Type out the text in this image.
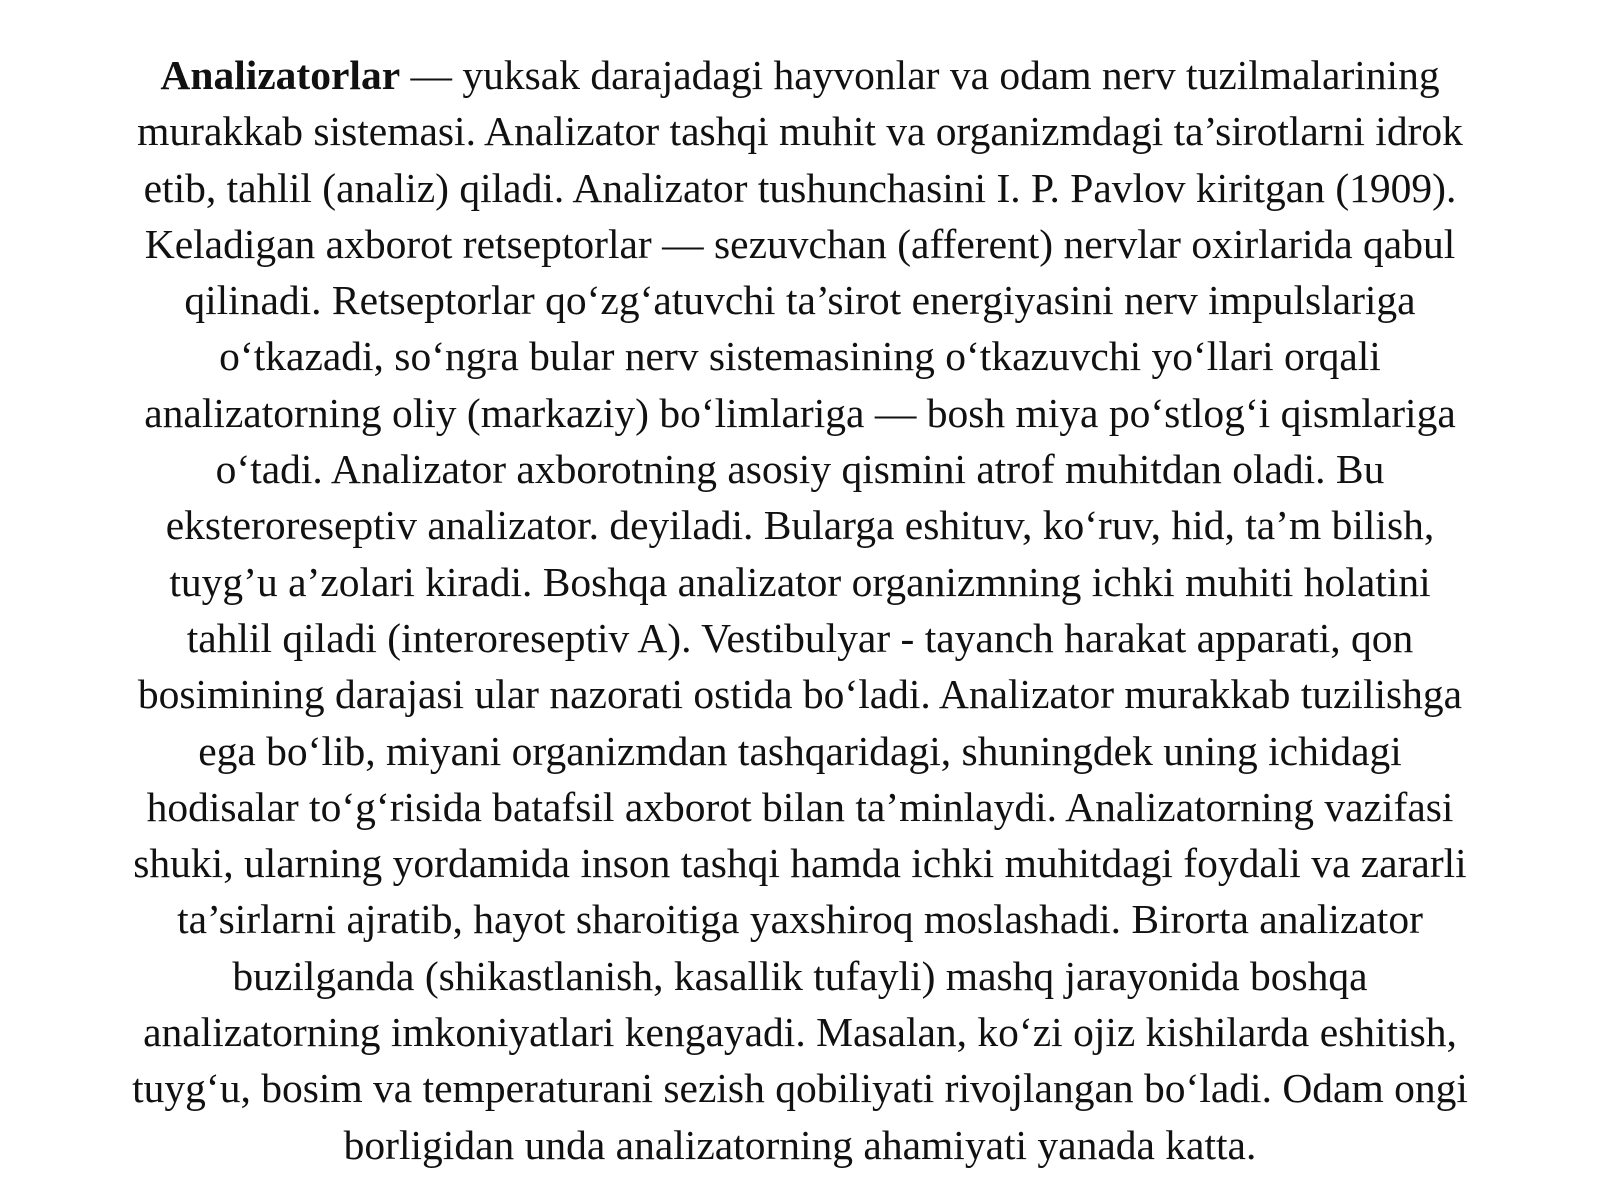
Analizatorlar — yuksak darajadagi hayvonlar va odam nerv tuzilmalarining
murakkab sistemasi. Analizator tashqi muhit va organizmdagi ta’sirotlarni idrok
etib, tahlil (analiz) qiladi. Analizator tushunchasini I. P. Pavlov kiritgan (1909).
Keladigan axborot retseptorlar — sezuvchan (afferent) nervlar oxirlarida qabul
qilinadi. Retseptorlar qo‘zg‘atuvchi ta’sirot energiyasini nerv impulslariga
o‘tkazadi, so‘ngra bular nerv sistemasining o‘tkazuvchi yo‘llari orqali
analizatorning oliy (markaziy) bo‘limlariga — bosh miya po‘stlog‘i qismlariga
o‘tadi. Analizator axborotning asosiy qismini atrof muhitdan oladi. Bu
eksteroreseptiv analizator. deyiladi. Bularga eshituv, ko‘ruv, hid, ta’m bilish,
tuyg’u a’zolari kiradi. Boshqa analizator organizmning ichki muhiti holatini
tahlil qiladi (interoreseptiv A). Vestibulyar - tayanch harakat apparati, qon
bosimining darajasi ular nazorati ostida bo‘ladi. Analizator murakkab tuzilishga
ega bo‘lib, miyani organizmdan tashqaridagi, shuningdek uning ichidagi
hodisalar to‘g‘risida batafsil axborot bilan ta’minlaydi. Analizatorning vazifasi
shuki, ularning yordamida inson tashqi hamda ichki muhitdagi foydali va zararli
ta’sirlarni ajratib, hayot sharoitiga yaxshiroq moslashadi. Birorta analizator
buzilganda (shikastlanish, kasallik tufayli) mashq jarayonida boshqa
analizatorning imkoniyatlari kengayadi. Masalan, ko‘zi ojiz kishilarda eshitish,
tuyg‘u, bosim va temperaturani sezish qobiliyati rivojlangan bo‘ladi. Odam ongi
borligidan unda analizatorning ahamiyati yanada katta.
